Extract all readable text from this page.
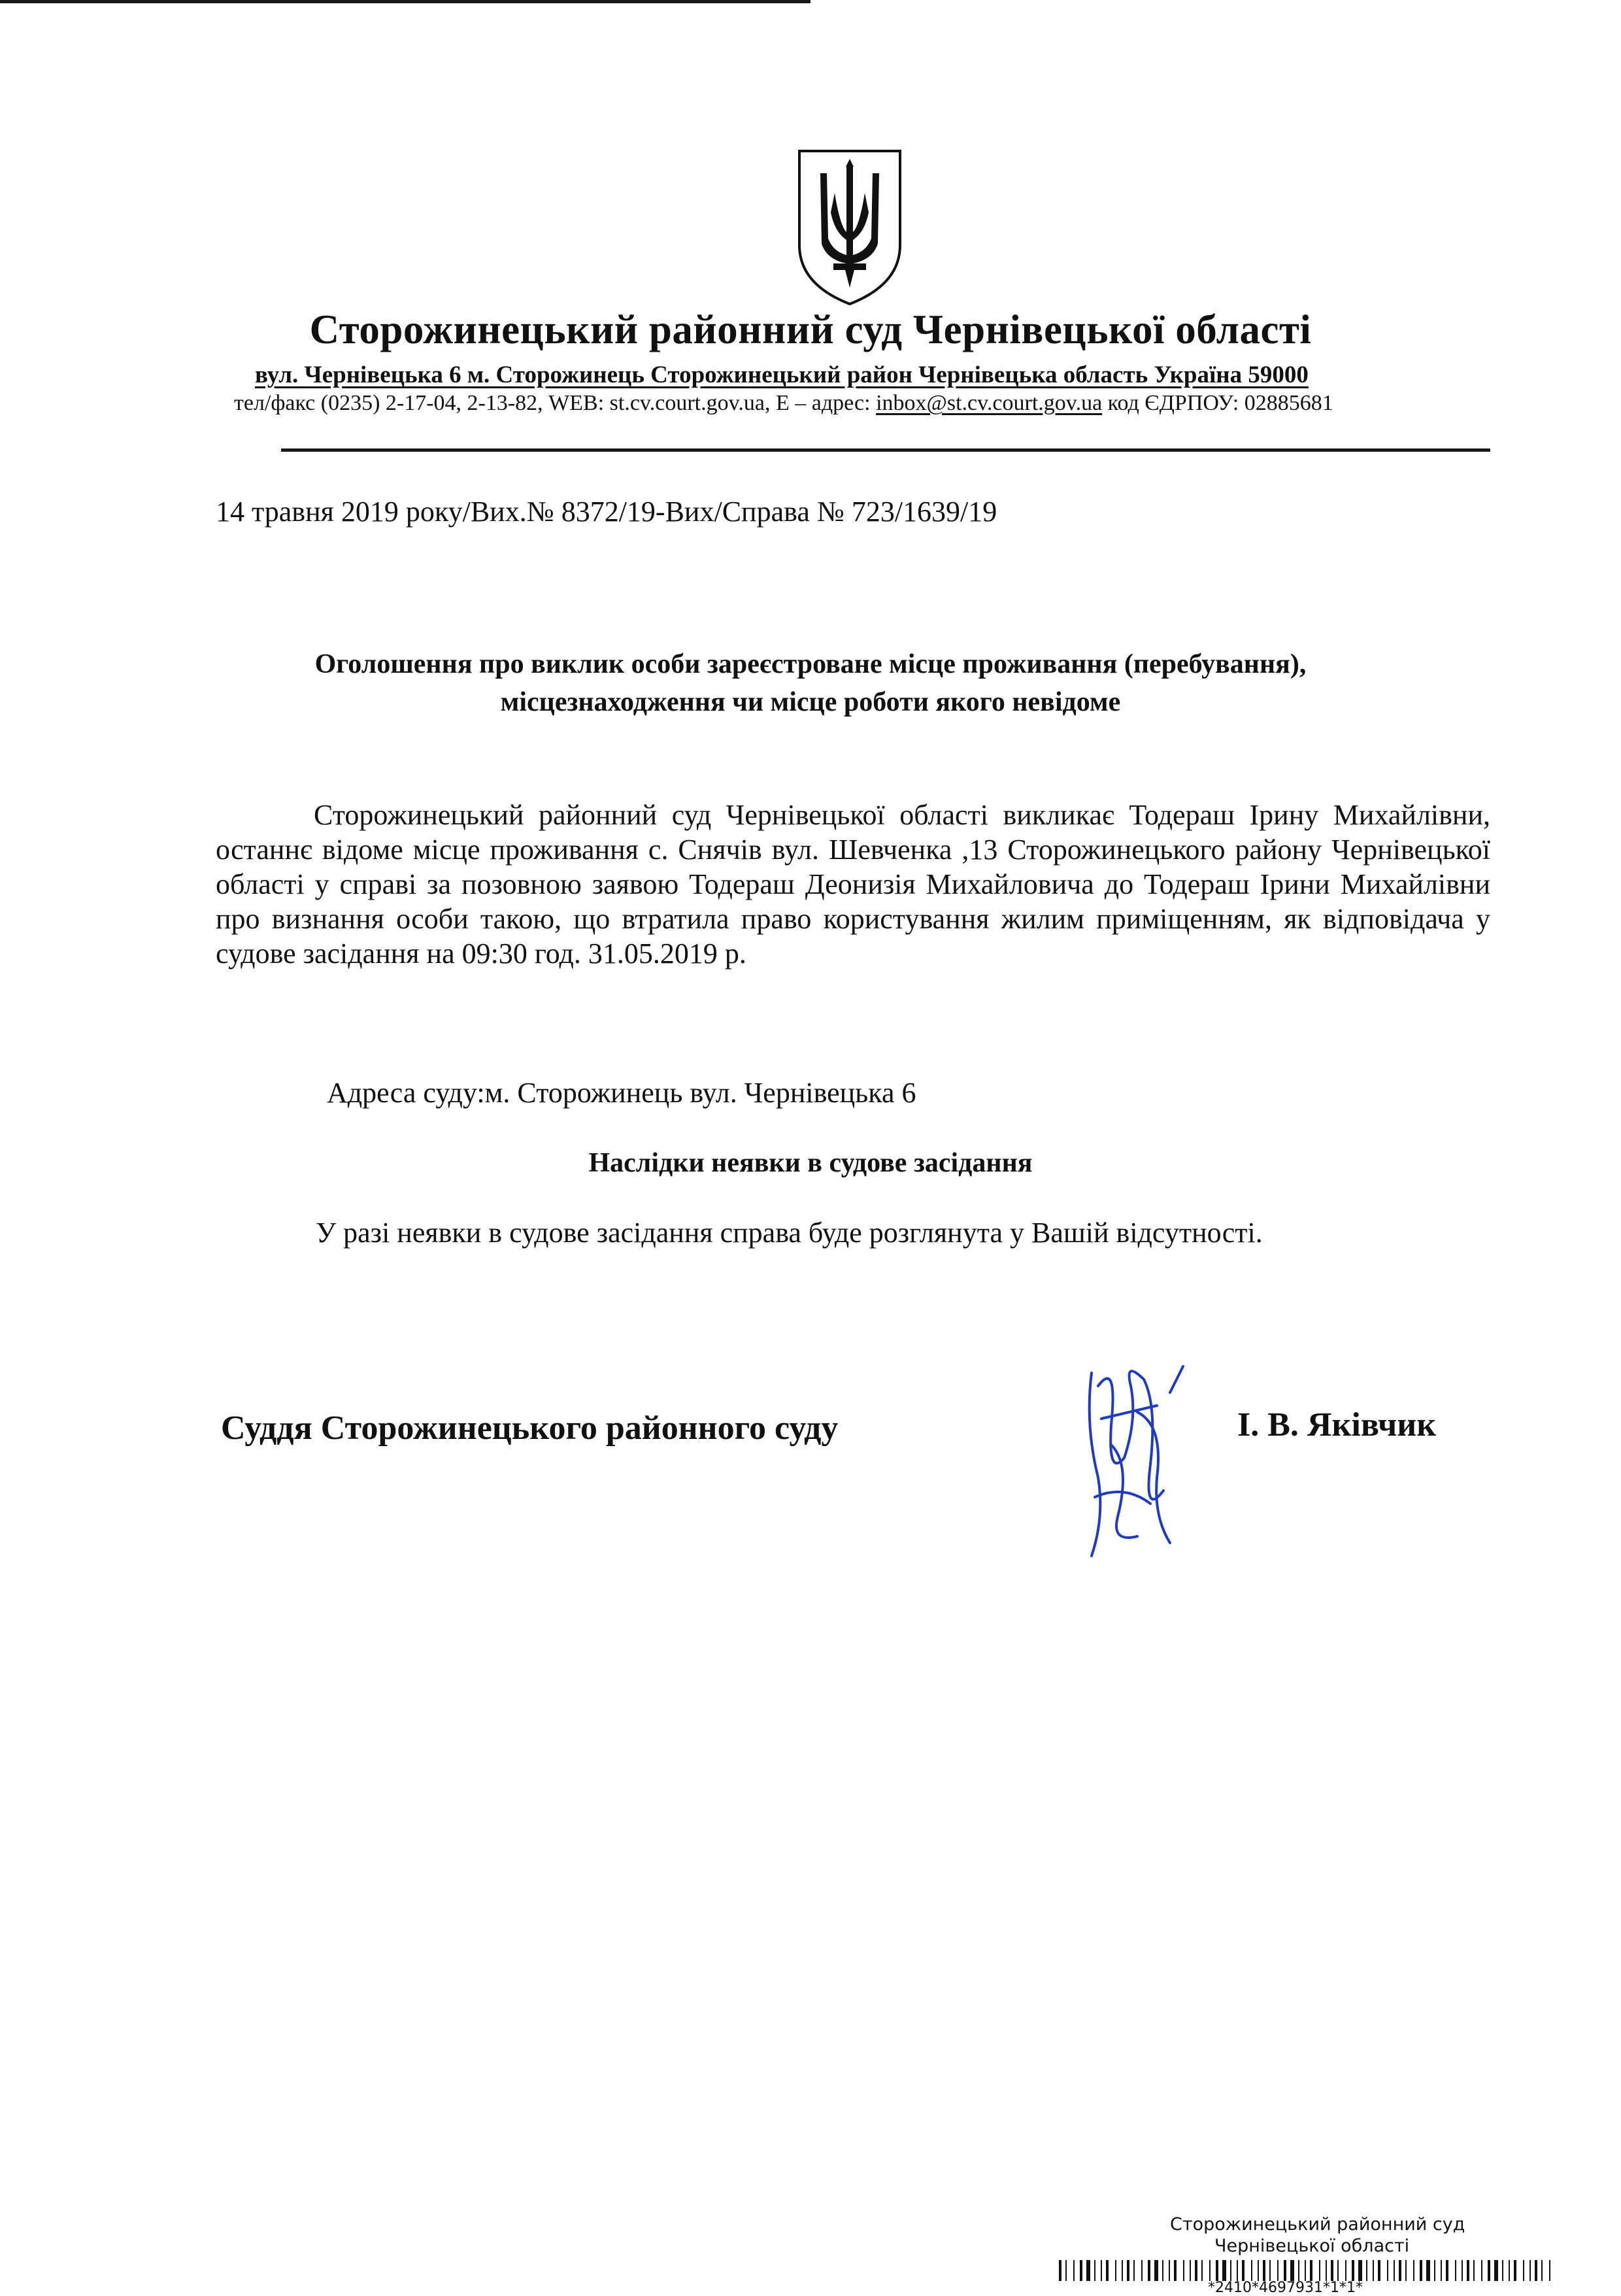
Сторожинецький районний суд Чернівецької області
вул. Чернівецька 6 м. Сторожинець Сторожинецький район Чернівецька область Україна 59000
тел/факс (0235) 2-17-04, 2-13-82, WEB: st.cv.court.gov.ua, E – адрес: inbox@st.cv.court.gov.ua код ЄДРПОУ: 02885681
14 травня 2019 року/Вих.№ 8372/19-Вих/Справа № 723/1639/19
Оголошення про виклик особи зареєстроване місце проживання (перебування),
місцезнаходження чи місце роботи якого невідоме
Сторожинецький районний суд Чернівецької області викликає Тодераш Ірину Михайлівни, останнє відоме місце проживання с. Снячів вул. Шевченка ,13 Сторожинецького району Чернівецької області у справі за позовною заявою Тодераш Деонизія Михайловича до Тодераш Ірини Михайлівни про визнання особи такою, що втратила право користування жилим приміщенням, як відповідача у судове засідання на 09:30 год. 31.05.2019 р.
Адреса суду:м. Сторожинець вул. Чернівецька 6
Наслідки неявки в судове засідання
У разі неявки в судове засідання справа буде розглянута у Вашій відсутності.
Суддя Сторожинецького районного суду	І. В. Яківчик
Сторожинецький районний суд
Чернівецької області
*2410*4697931*1*1*
